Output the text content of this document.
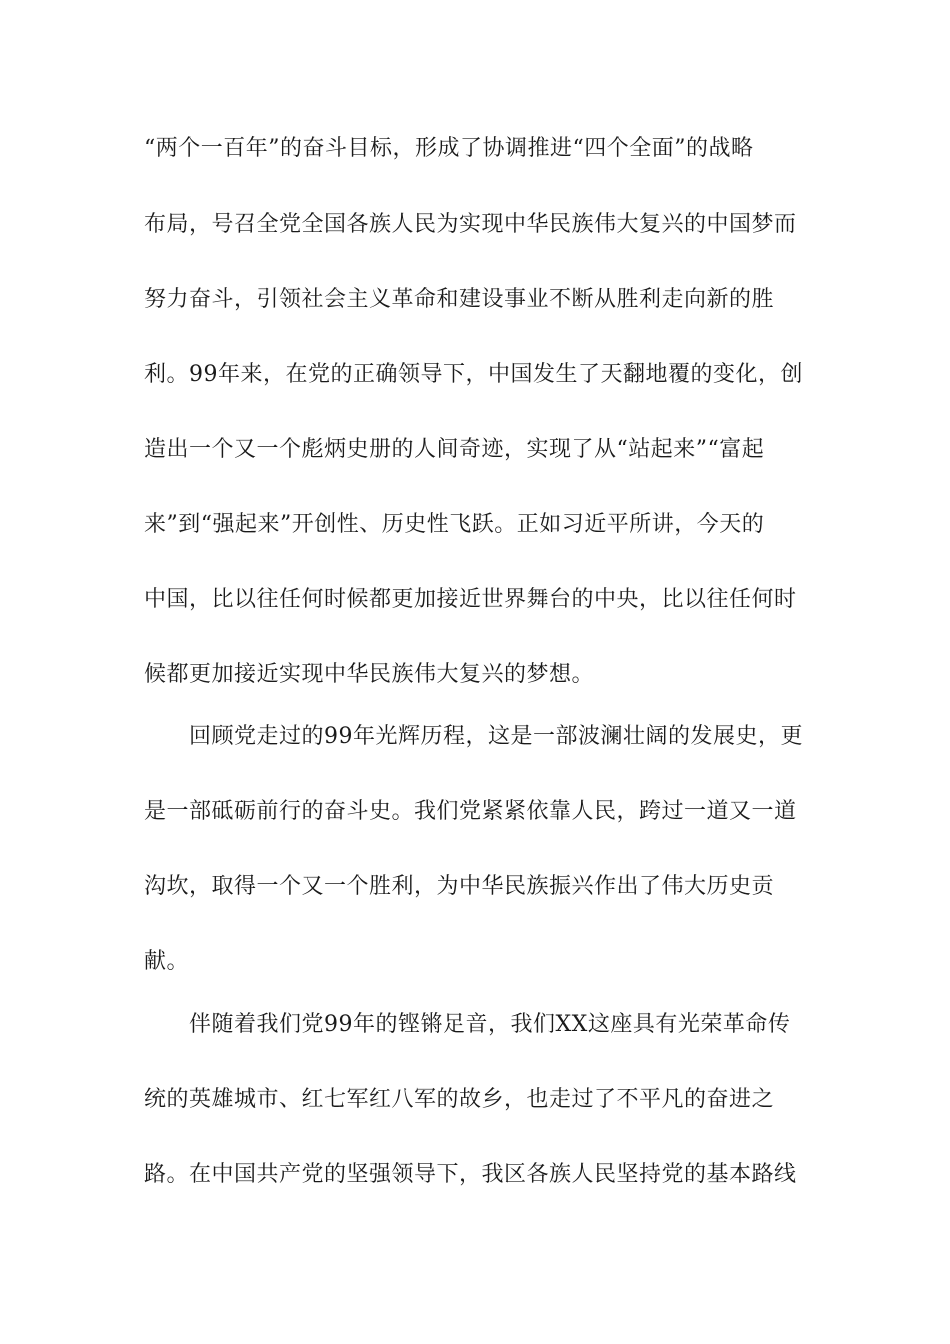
“两个一百年”的奋斗目标，形成了协调推进“四个全面”的战略
布局，号召全党全国各族人民为实现中华民族伟大复兴的中国梦而
努力奋斗，引领社会主义革命和建设事业不断从胜利走向新的胜
利。99年来，在党的正确领导下，中国发生了天翻地覆的变化，创
造出一个又一个彪炳史册的人间奇迹，实现了从“站起来”“富起
来”到“强起来”开创性、历史性飞跃。正如习近平所讲，今天的
中国，比以往任何时候都更加接近世界舞台的中央，比以往任何时
候都更加接近实现中华民族伟大复兴的梦想。
回顾党走过的99年光辉历程，这是一部波澜壮阔的发展史，更
是一部砥砺前行的奋斗史。我们党紧紧依靠人民，跨过一道又一道
沟坎，取得一个又一个胜利，为中华民族振兴作出了伟大历史贡
献。
伴随着我们党99年的铿锵足音，我们XX这座具有光荣革命传
统的英雄城市、红七军红八军的故乡，也走过了不平凡的奋进之
路。在中国共产党的坚强领导下，我区各族人民坚持党的基本路线
